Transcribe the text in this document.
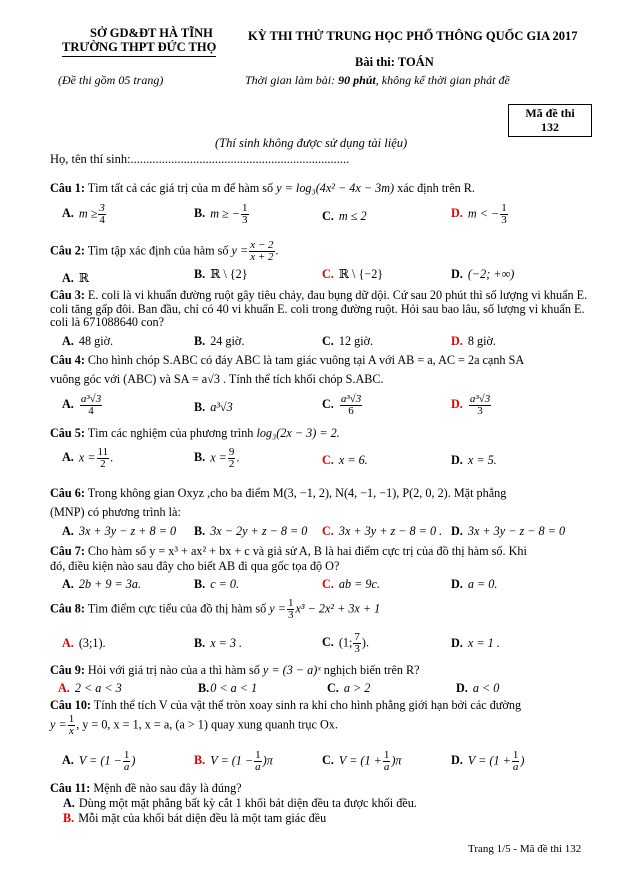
SỞ GD&ĐT HÀ TĨNH
TRƯỜNG THPT ĐỨC THỌ
(Đề thi gồm 05 trang)
KỲ THI THỬ TRUNG HỌC PHỔ THÔNG QUỐC GIA 2017
Bài thi: TOÁN
Thời gian làm bài: 90 phút, không kể thời gian phát đề
Mã đề thi
132
(Thí sinh không được sử dụng tài liệu)
Họ, tên thí sinh:......................................................................
Câu 1: Tìm tất cả các giá trị của m để hàm số y = log₃(4x² − 4x − 3m) xác định trên R.
A. $m \ge \frac{3}{4}$	B. m ≥ − $\frac{1}{3}$	C. m ≤ 2	D. m < − $\frac{1}{3}$
Câu 2: Tìm tập xác định của hàm số $y = \frac{x - 2}{x + 2}$ .
A. ℝ	B. ℝ \ {2}	C. ℝ \ {−2}	D. (−2; +∞)
Câu 3: E. coli là vi khuẩn đường ruột gây tiêu chảy, đau bụng dữ dội. Cứ sau 20 phút thì số lượng vi khuẩn E. coli tăng gấp đôi. Ban đầu, chỉ có 40 vi khuẩn E. coli trong đường ruột. Hỏi sau bao lâu, số lượng vi khuẩn E. coli là 671088640 con?
A. 48 giờ.	B. 24 giờ.	C. 12 giờ.	D. 8 giờ.
Câu 4: Cho hình chóp S.ABC có đáy ABC là tam giác vuông tại A với AB = a, AC = 2a cạnh SA
vuông góc với (ABC) và SA = a√3 . Tính thể tích khối chóp S.ABC.
A. $\frac{\text{a³√3}}{4}$	B. a³√3	C. $\frac{\text{a³√3}}{6}$	D. $\frac{\text{a³√3}}{3}$
Câu 5: Tìm các nghiệm của phương trình log₃(2x − 3) = 2.
A. $x = \frac{11}{2}$ .	B. $x = \frac{9}{2}$ .	C. x = 6.	D. x = 5.
Câu 6: Trong không gian Oxyz ,cho ba điểm M(3, −1, 2), N(4, −1, −1), P(2, 0, 2). Mặt phẳng
(MNP) có phương trình là:
A. 3x + 3y − z + 8 = 0 B. 3x − 2y + z − 8 = 0 C. 3x + 3y + z − 8 = 0 . D. 3x + 3y − z − 8 = 0
Câu 7: Cho hàm số y = x³ + ax² + bx + c và giả sử A, B là hai điểm cực trị của đồ thị hàm số. Khi
đó, điều kiện nào sau đây cho biết AB đi qua gốc tọa độ O?
A. 2b + 9 = 3a.	B. c = 0.	C. ab = 9c.	D. a = 0.
Câu 8: Tìm điểm cực tiểu của đồ thị hàm số $y = \frac{1}{3} x^3 - 2x^2 + 3x + 1$
A. (3;1).	B. x = 3 .	C. (1; $\frac{7}{3}$ ).	D. x = 1 .
Câu 9: Hỏi với giá trị nào của a thì hàm số y = (3 − a)ˣ nghịch biến trên R?
A. 2 < a < 3	B.0 < a < 1	C. a > 2	D. a < 0
Câu 10: Tính thể tích V của vật thể tròn xoay sinh ra khi cho hình phẳng giới hạn bởi các đường
$y = \frac{1}{x}$ , y = 0, x = 1, x = a, (a > 1) quay xung quanh trục Ox.
A. $V = (1 - \frac{1}{a}$ )	B. $V = (1 - \frac{1}{a} )\pi$	C. $V = (1 + \frac{1}{a} )\pi$	D. $V = (1 + \frac{1}{a}$ )
Câu 11: Mệnh đề nào sau đây là đúng?
A. Dùng một mặt phẳng bất kỳ cắt 1 khối bát diện đều ta được khối đều.
B. Mỗi mặt của khối bát diện đều là một tam giác đều
Trang 1/5 - Mã đề thi 132
